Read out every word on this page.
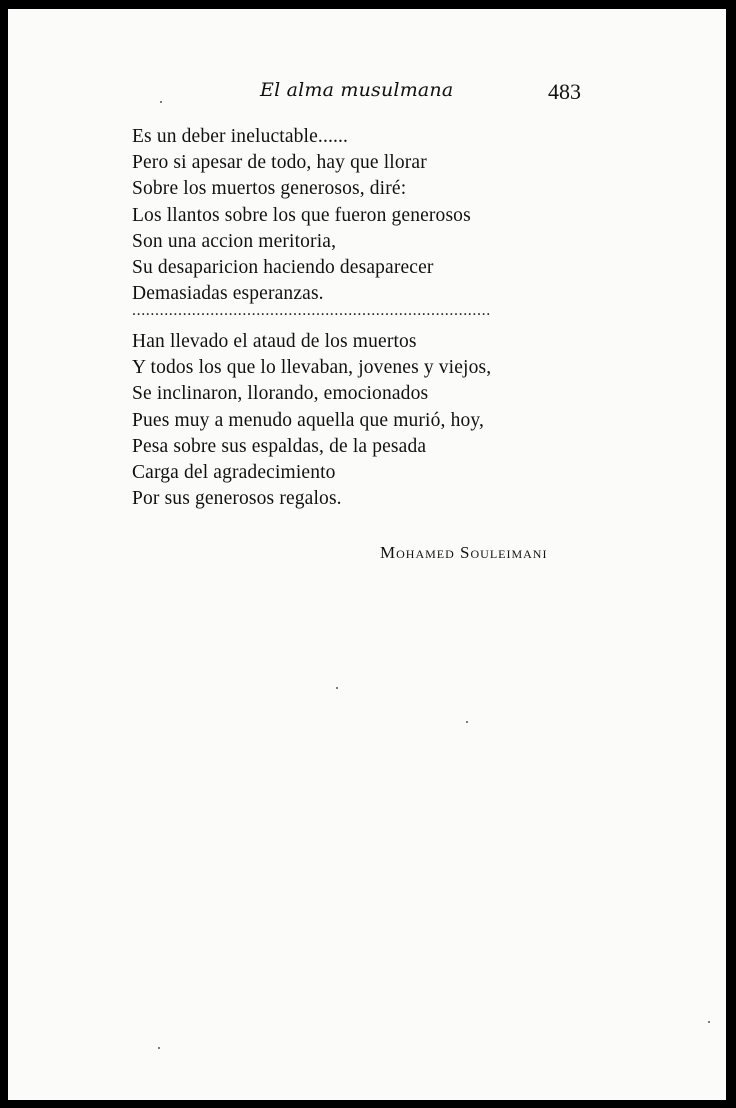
El alma musulmana	483
Es un deber ineluctable......
Pero si apesar de todo, hay que llorar
Sobre los muertos generosos, diré:
Los llantos sobre los que fueron generosos
Son una accion meritoria,
Su desaparicion haciendo desaparecer
Demasiadas esperanzas.
..............................................................................
Han llevado el ataud de los muertos
Y todos los que lo llevaban, jovenes y viejos,
Se inclinaron, llorando, emocionados
Pues muy a menudo aquella que murió, hoy,
Pesa sobre sus espaldas, de la pesada
Carga del agradecimiento
Por sus generosos regalos.
Mohamed Souleimani
